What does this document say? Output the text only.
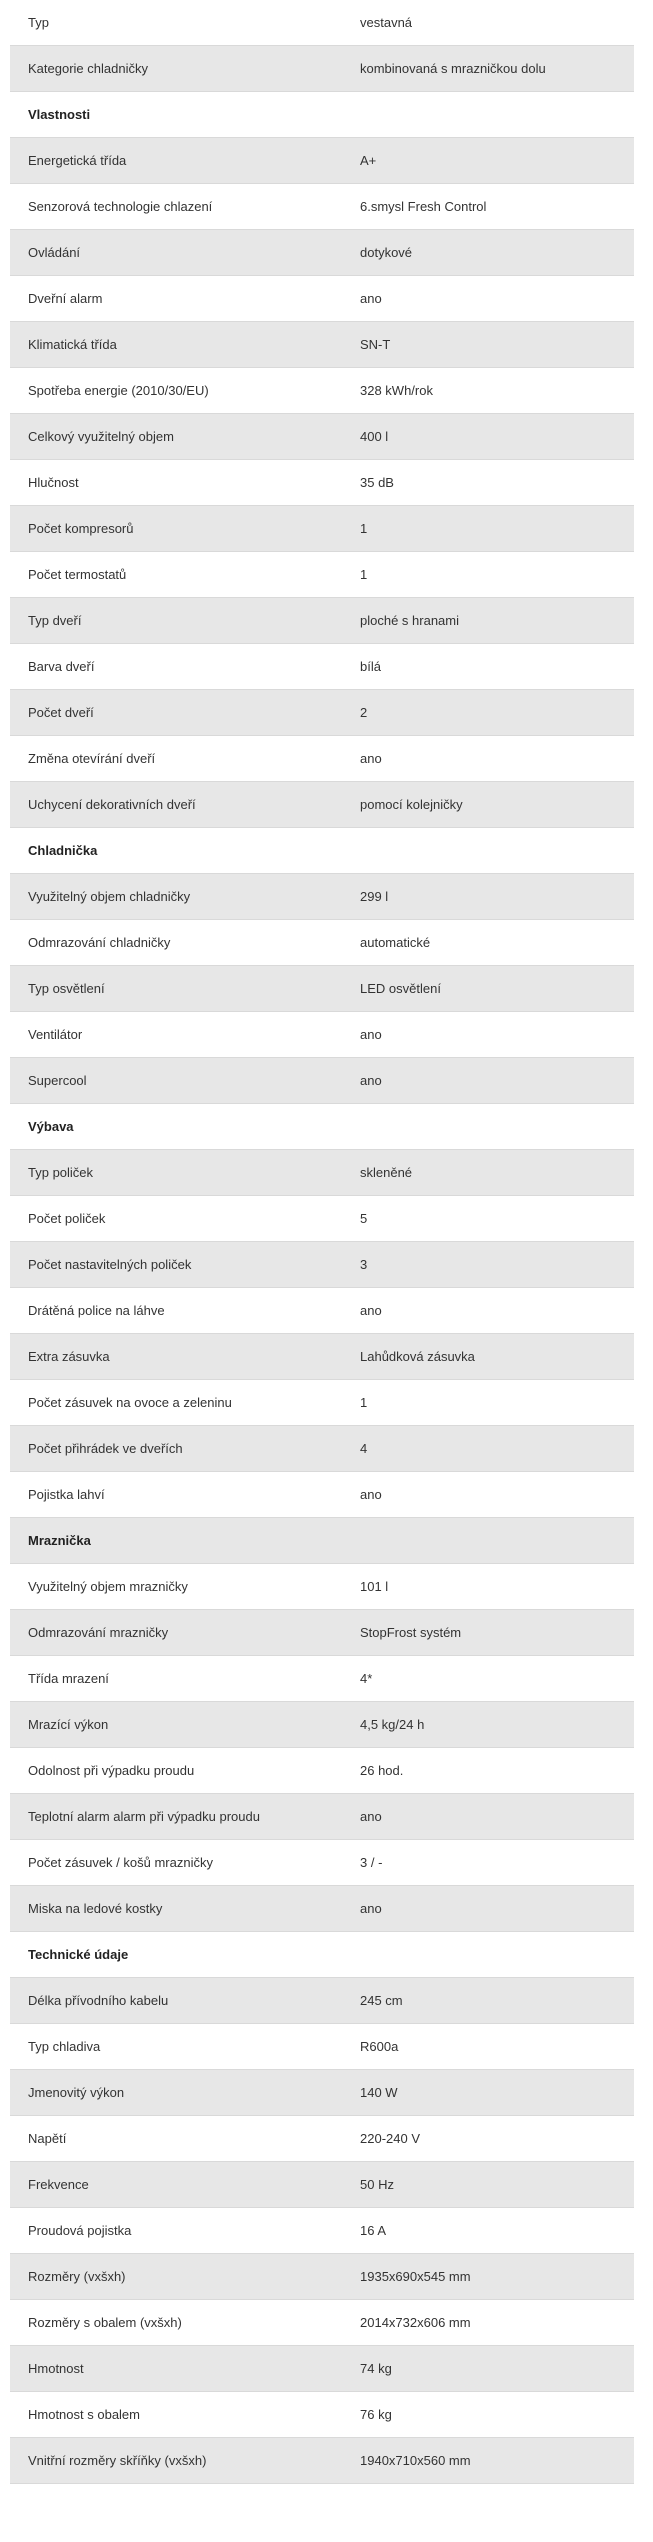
Typ	vestavná
Kategorie chladničky	kombinovaná s mrazničkou dolu
Vlastnosti
Energetická třída	A+
Senzorová technologie chlazení	6.smysl Fresh Control
Ovládání	dotykové
Dveřní alarm	ano
Klimatická třída	SN-T
Spotřeba energie (2010/30/EU)	328 kWh/rok
Celkový využitelný objem	400 l
Hlučnost	35 dB
Počet kompresorů	1
Počet termostatů	1
Typ dveří	ploché s hranami
Barva dveří	bílá
Počet dveří	2
Změna otevírání dveří	ano
Uchycení dekorativních dveří	pomocí kolejničky
Chladnička
Využitelný objem chladničky	299 l
Odmrazování chladničky	automatické
Typ osvětlení	LED osvětlení
Ventilátor	ano
Supercool	ano
Výbava
Typ poliček	skleněné
Počet poliček	5
Počet nastavitelných poliček	3
Drátěná police na láhve	ano
Extra zásuvka	Lahůdková zásuvka
Počet zásuvek na ovoce a zeleninu	1
Počet přihrádek ve dveřích	4
Pojistka lahví	ano
Mraznička
Využitelný objem mrazničky	101 l
Odmrazování mrazničky	StopFrost systém
Třída mrazení	4*
Mrazící výkon	4,5 kg/24 h
Odolnost při výpadku proudu	26 hod.
Teplotní alarm alarm při výpadku proudu	ano
Počet zásuvek / košů mrazničky	3 / -
Miska na ledové kostky	ano
Technické údaje
Délka přívodního kabelu	245 cm
Typ chladiva	R600a
Jmenovitý výkon	140 W
Napětí	220-240 V
Frekvence	50 Hz
Proudová pojistka	16 A
Rozměry (vxšxh)	1935x690x545 mm
Rozměry s obalem (vxšxh)	2014x732x606 mm
Hmotnost	74 kg
Hmotnost s obalem	76 kg
Vnitřní rozměry skříňky (vxšxh)	1940x710x560 mm
